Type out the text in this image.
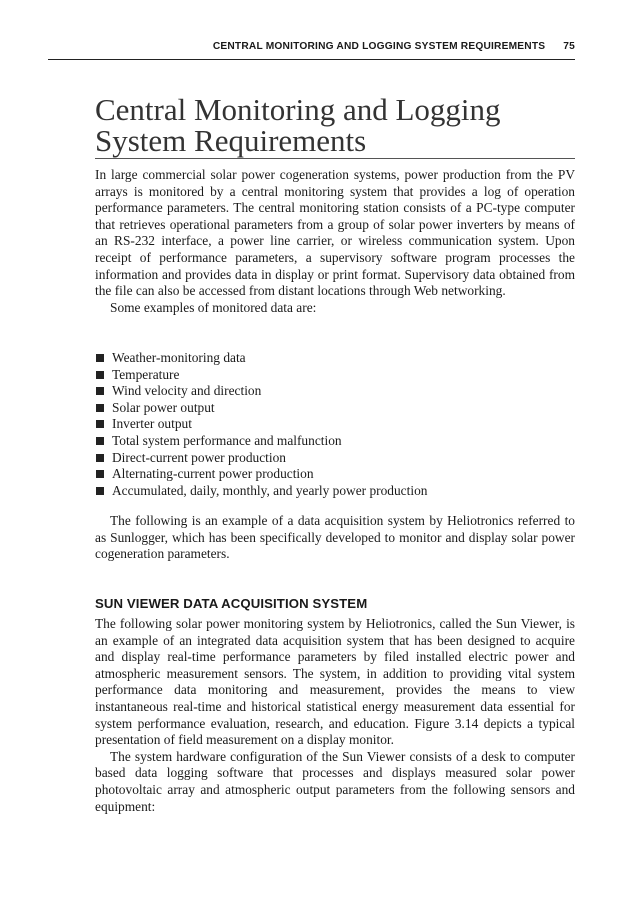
CENTRAL MONITORING AND LOGGING SYSTEM REQUIREMENTS 75
Central Monitoring and Logging System Requirements

In large commercial solar power cogeneration systems, power production from the PV arrays is monitored by a central monitoring system that provides a log of operation performance parameters. The central monitoring station consists of a PC-type computer that retrieves operational parameters from a group of solar power inverters by means of an RS-232 interface, a power line carrier, or wireless communication system. Upon receipt of performance parameters, a supervisory software program processes the information and provides data in display or print format. Supervisory data obtained from the file can also be accessed from distant locations through Web networking.

Some examples of monitored data are:

Weather-monitoring data
Temperature
Wind velocity and direction
Solar power output
Inverter output
Total system performance and malfunction
Direct-current power production
Alternating-current power production
Accumulated, daily, monthly, and yearly power production

The following is an example of a data acquisition system by Heliotronics referred to as Sunlogger, which has been specifically developed to monitor and display solar power cogeneration parameters.

SUN VIEWER DATA ACQUISITION SYSTEM

The following solar power monitoring system by Heliotronics, called the Sun Viewer, is an example of an integrated data acquisition system that has been designed to acquire and display real-time performance parameters by filed installed electric power and atmospheric measurement sensors. The system, in addition to providing vital system performance data monitoring and measurement, provides the means to view instantaneous real-time and historical statistical energy measurement data essential for system performance evaluation, research, and education. Figure 3.14 depicts a typical presentation of field measurement on a display monitor.

The system hardware configuration of the Sun Viewer consists of a desk to computer based data logging software that processes and displays measured solar power photovoltaic array and atmospheric output parameters from the following sensors and equipment:
